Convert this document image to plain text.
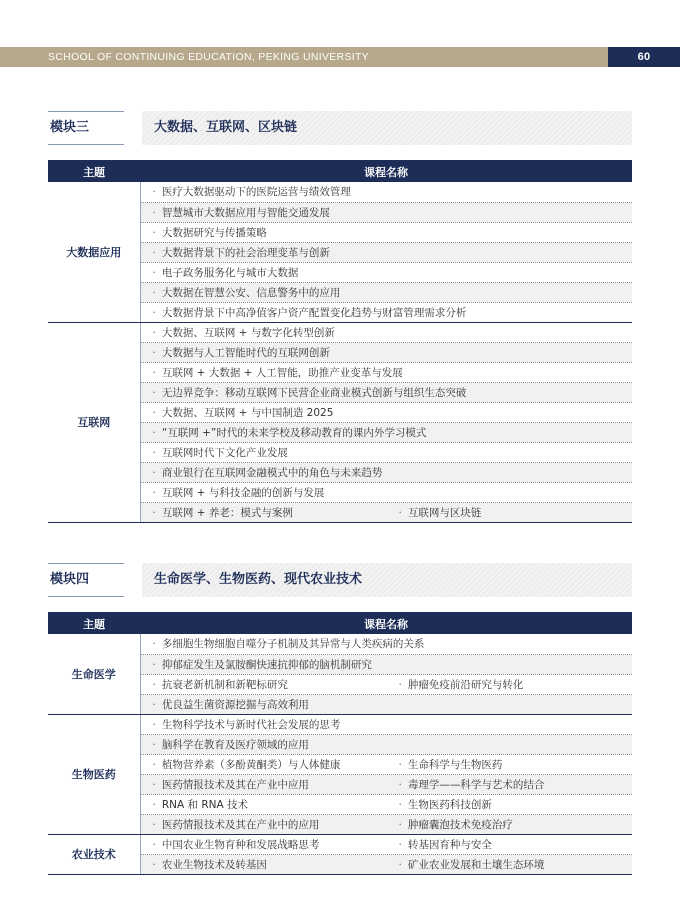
SCHOOL OF CONTINUING EDUCATION, PEKING UNIVERSITY	60
模块三	大数据、互联网、区块链
主题	课程名称
大数据应用	· 医疗大数据驱动下的医院运营与绩效管理

	· 智慧城市大数据应用与智能交通发展

	· 大数据研究与传播策略

	· 大数据背景下的社会治理变革与创新

	· 电子政务服务化与城市大数据

	· 大数据在智慧公安、信息警务中的应用

	· 大数据背景下中高净值客户资产配置变化趋势与财富管理需求分析

互联网	· 大数据、互联网 + 与数字化转型创新

	· 大数据与人工智能时代的互联网创新

	· 互联网 + 大数据 + 人工智能，助推产业变革与发展

	· 无边界竞争：移动互联网下民营企业商业模式创新与组织生态突破

	· 大数据、互联网 + 与中国制造 2025

	· “互联网 +”时代的未来学校及移动教育的课内外学习模式

	· 互联网时代下文化产业发展

	· 商业银行在互联网金融模式中的角色与未来趋势

	· 互联网 + 与科技金融的创新与发展

	· 互联网 + 养老：模式与案例 · 互联网与区块链
模块四	生命医学、生物医药、现代农业技术
主题	课程名称
生命医学	· 多细胞生物细胞自噬分子机制及其异常与人类疾病的关系

	· 抑郁症发生及氯胺酮快速抗抑郁的脑机制研究

	· 抗衰老新机制和新靶标研究 · 肿瘤免疫前沿研究与转化

	· 优良益生菌资源挖掘与高效利用

生物医药	· 生物科学技术与新时代社会发展的思考

	· 脑科学在教育及医疗领域的应用

	· 植物营养素（多酚黄酮类）与人体健康 · 生命科学与生物医药

	· 医药情报技术及其在产业中应用 · 毒理学——科学与艺术的结合

	· RNA 和 RNA 技术 · 生物医药科技创新

	· 医药情报技术及其在产业中的应用 · 肿瘤囊泡技术免疫治疗

农业技术	· 中国农业生物育种和发展战略思考 · 转基因育种与安全

	· 农业生物技术及转基因 · 矿业农业发展和土壤生态环境
